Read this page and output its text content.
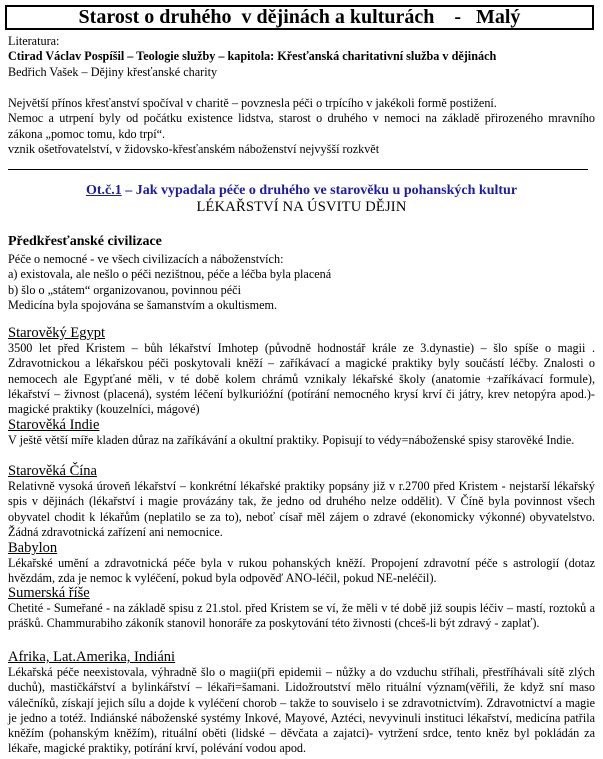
Starost o druhého  v dějinách a kulturách    -   Malý
Literatura:
Ctirad Václav Pospíšil – Teologie služby – kapitola: Křesťanská charitativní služba v dějinách
Bedřich Vašek – Dějiny křesťanské charity
Největší přínos křesťanství spočíval v charitě – povznesla péči o trpícího v jakékoli formě postižení.
Nemoc a utrpení byly od počátku existence lidstva, starost o druhého v nemoci na základě přirozeného mravního zákona „pomoc tomu, kdo trpí“.
vznik ošetřovatelství, v židovsko-křesťanském náboženství nejvyšší rozkvět
Ot.č.1 – Jak vypadala péče o druhého ve starověku u pohanských kultur
LÉKAŘSTVÍ NA ÚSVITU DĚJIN
Předkřesťanské civilizace
Péče o nemocné - ve všech civilizacích a náboženstvích:
a) existovala, ale nešlo o péči nezištnou, péče a léčba byla placená
b) šlo o „státem“ organizovanou, povinnou péči
Medicína byla spojována se šamanstvím a okultismem.
Starověký Egypt
3500 let před Kristem – bůh lékařství Imhotep (původně hodnostář krále ze 3.dynastie) – šlo spíše o magii . Zdravotnickou a lékařskou péči poskytovali kněží – zaříkávací a magické praktiky byly součástí léčby. Znalosti o nemocech ale Egypťané měli, v té době kolem chrámů vznikaly lékařské školy (anatomie +zaříkávací formule), lékařství – živnost (placená), systém léčení bylkurióźní (potírání nemocného krysí krví či játry, krev netopýra apod.)- magické praktiky (kouzelníci, mágové)
Starověká Indie
V ještě větší míře kladen důraz na zaříkávání a okultní praktiky. Popisují to védy=náboženské spisy starověké Indie.
Starověká Čína
Relativně vysoká úroveň lékařství – konkrétní lékařské praktiky popsány již v r.2700 před Kristem - nejstarší lékařský spis v dějinách (lékařství i magie provázány tak, že jedno od druhého nelze oddělit). V Číně byla povinnost všech obyvatel chodit k lékařům (neplatilo se za to), neboť císař měl zájem o zdravé (ekonomicky výkonné) obyvatelstvo. Žádná zdravotnická zařízení ani nemocnice.
Babylon
Lékařské umění a zdravotnická péče byla v rukou pohanských kněží. Propojení zdravotní péče s astrologií (dotaz hvězdám, zda je nemoc k vyléčení, pokud byla odpověď ANO-léčil, pokud NE-neléčil).
Sumerská říše
Chetité - Sumeřané - na základě spisu z 21.stol. před Kristem se ví, že měli v té době již soupis léčiv – mastí, roztoků a prášků. Chammurabiho zákoník stanovil honoráře za poskytování této živnosti (chceš-li být zdravý - zaplať).
Afrika, Lat.Amerika, Indiáni
Lékařská péče neexistovala, výhradně šlo o magii(při epidemii – nůžky a do vzduchu stříhali, přestříhávali sítě zlých duchů), mastičkářství a bylinkářství – lékaři=šamani. Lidožroutství mělo rituální význam(věřili, že když sní maso válečníků, získají jejich sílu a dojde k vyléčení chorob – takže to souviselo i se zdravotnictvím). Zdravotnictví a magie je jedno a totéž. Indiánské náboženské systémy Inkové, Mayové, Aztéci, nevyvinuli instituci lékařství, medicína patřila kněžím (pohanským kněžím), rituální oběti (lidské – děvčata a zajatci)- vytržení srdce, tento kněz byl pokládán za lékaře, magické praktiky, potírání krví, polévání vodou apod.
